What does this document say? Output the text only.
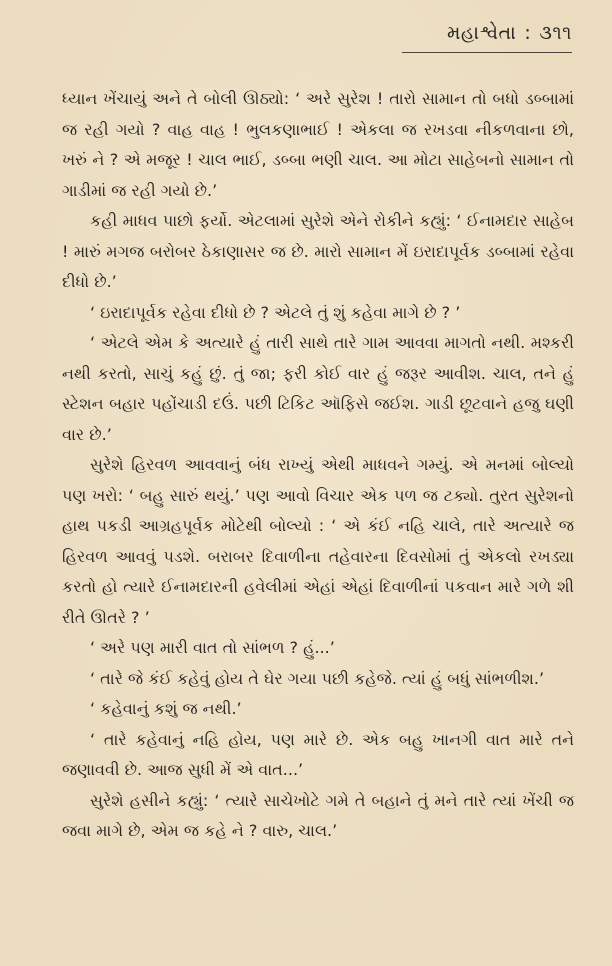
મહાશ્વેતા : ૩૧૧

ધ્યાન ખેંચાયું અને તે બોલી ઊઠ્યો: ‘ અરે સુરેશ ! તારો સામાન તો બધો ડબ્બામાં જ રહી ગયો ? વાહ વાહ ! ભુલકણાભાઈ ! એકલા જ રખડવા નીકળવાના છો, ખરું ને ? એ મજૂર ! ચાલ ભાઈ, ડબ્બા ભણી ચાલ. આ મોટા સાહેબનો સામાન તો ગાડીમાં જ રહી ગયો છે.’

કહી માધવ પાછો ફર્યો. એટલામાં સુરેશે એને રોકીને કહ્યું: ‘ ઈનામદાર સાહેબ ! મારું મગજ બરોબર ઠેકાણાસર જ છે. મારો સામાન મેં ઇરાદાપૂર્વક ડબ્બામાં રહેવા દીધો છે.’

‘ ઇરાદાપૂર્વક રહેવા દીધો છે ? એટલે તું શું કહેવા માગે છે ? ’

‘ એટલે એમ કે અત્યારે હું તારી સાથે તારે ગામ આવવા માગતો નથી. મશ્કરી નથી કરતો, સાચું કહું છું. તું જા; ફરી કોઈ વાર હું જરૂર આવીશ. ચાલ, તને હું સ્ટેશન બહાર પહોંચાડી દઉં. પછી ટિકિટ ઑફિસે જઈશ. ગાડી છૂટવાને હજુ ઘણી વાર છે.’

સુરેશે હિરવળ આવવાનું બંધ રાખ્યું એથી માધવને ગમ્યું. એ મનમાં બોલ્યો પણ ખરો: ‘ બહુ સારું થયું.’ પણ આવો વિચાર એક પળ જ ટક્યો. તુરત સુરેશનો હાથ પકડી આગ્રહપૂર્વક મોટેથી બોલ્યો : ‘ એ કંઈ નહિ ચાલે, તારે અત્યારે જ હિરવળ આવવું પડશે. બરાબર દિવાળીના તહેવારના દિવસોમાં તું એકલો રખડ્યા કરતો હો ત્યારે ઈનામદારની હવેલીમાં એહાં એહાં દિવાળીનાં પકવાન મારે ગળે શી રીતે ઊતરે ? ’

‘ અરે પણ મારી વાત તો સાંભળ ? હું...’

‘ તારે જે કંઈ કહેવું હોય તે ઘેર ગયા પછી કહેજે. ત્યાં હું બધું સાંભળીશ.’

‘ કહેવાનું કશું જ નથી.’

‘ તારે કહેવાનું નહિ હોય, પણ મારે છે. એક બહુ ખાનગી વાત મારે તને જણાવવી છે. આજ સુધી મેં એ વાત...’

સુરેશે હસીને કહ્યું: ‘ ત્યારે સાચેખોટે ગમે તે બહાને તું મને તારે ત્યાં ખેંચી જ જવા માગે છે, એમ જ કહે ને ? વારુ, ચાલ.’
